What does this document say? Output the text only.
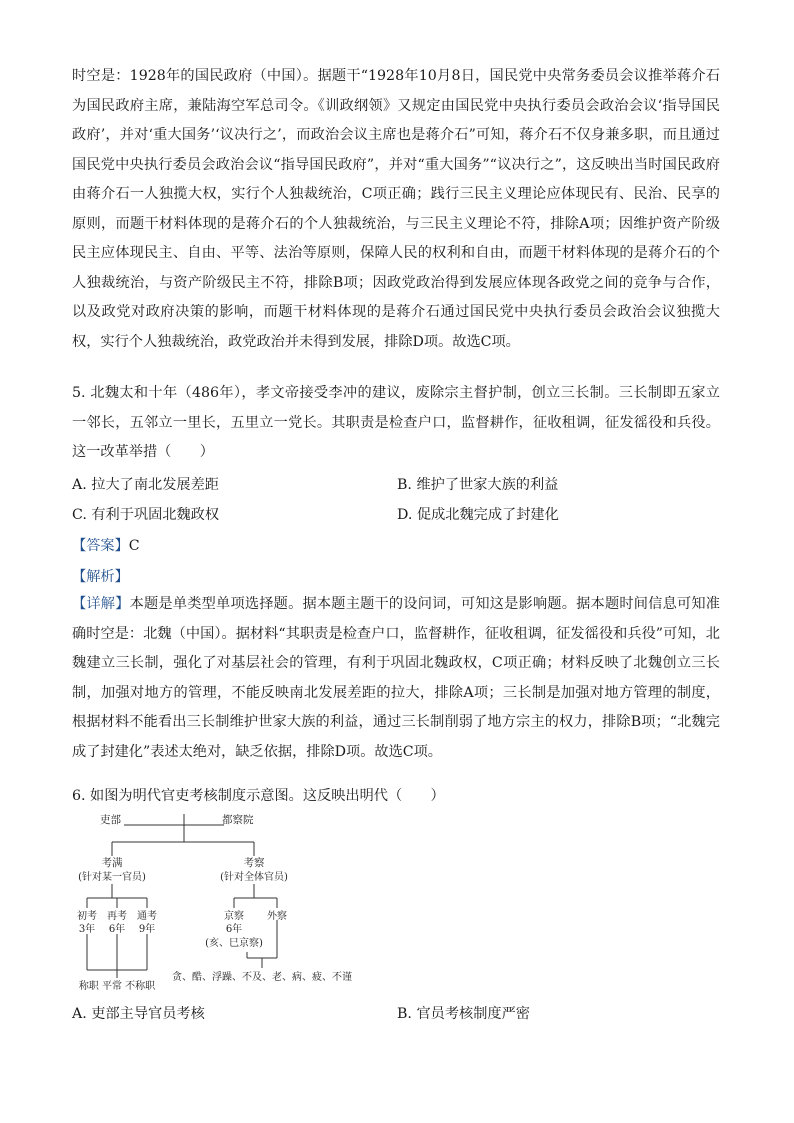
时空是：1928年的国民政府（中国）。据题干“1928年10月8日，国民党中央常务委员会议推举蒋介石为国民政府主席，兼陆海空军总司令。《训政纲领》又规定由国民党中央执行委员会政治会议‘指导国民政府’，并对‘重大国务’‘议决行之’，而政治会议主席也是蒋介石”可知，蒋介石不仅身兼多职，而且通过国民党中央执行委员会政治会议“指导国民政府”，并对“重大国务”“议决行之”，这反映出当时国民政府由蒋介石一人独揽大权，实行个人独裁统治，C项正确；践行三民主义理论应体现民有、民治、民享的原则，而题干材料体现的是蒋介石的个人独裁统治，与三民主义理论不符，排除A项；因维护资产阶级民主应体现民主、自由、平等、法治等原则，保障人民的权利和自由，而题干材料体现的是蒋介石的个人独裁统治，与资产阶级民主不符，排除B项；因政党政治得到发展应体现各政党之间的竞争与合作，以及政党对政府决策的影响，而题干材料体现的是蒋介石通过国民党中央执行委员会政治会议独揽大权，实行个人独裁统治，政党政治并未得到发展，排除D项。故选C项。

5. 北魏太和十年（486年），孝文帝接受李冲的建议，废除宗主督护制，创立三长制。三长制即五家立一邻长，五邻立一里长，五里立一党长。其职责是检查户口，监督耕作，征收租调，征发徭役和兵役。这一改革举措（　　）

A. 拉大了南北发展差距	B. 维护了世家大族的利益
C. 有利于巩固北魏政权	D. 促成北魏完成了封建化
【答案】C
【解析】

【详解】本题是单类型单项选择题。据本题主题干的设问词，可知这是影响题。据本题时间信息可知准确时空是：北魏（中国）。据材料“其职责是检查户口，监督耕作，征收租调，征发徭役和兵役”可知，北魏建立三长制，强化了对基层社会的管理，有利于巩固北魏政权，C项正确；材料反映了北魏创立三长制，加强对地方的管理，不能反映南北发展差距的拉大，排除A项；三长制是加强对地方管理的制度，根据材料不能看出三长制维护世家大族的利益，通过三长制削弱了地方宗主的权力，排除B项；“北魏完成了封建化”表述太绝对，缺乏依据，排除D项。故选C项。

6. 如图为明代官吏考核制度示意图。这反映出明代（　　）
吏部	都察院
考满
(针对某一官员)
考察
(针对全体官员)
初考
3年
再考
6年
通考
9年
京察
6年
(亥、巳京察)
外察
称职 平常 不称职
贪、酷、浮躁、不及、老、病、疲、不谨
A. 吏部主导官员考核	B. 官员考核制度严密
